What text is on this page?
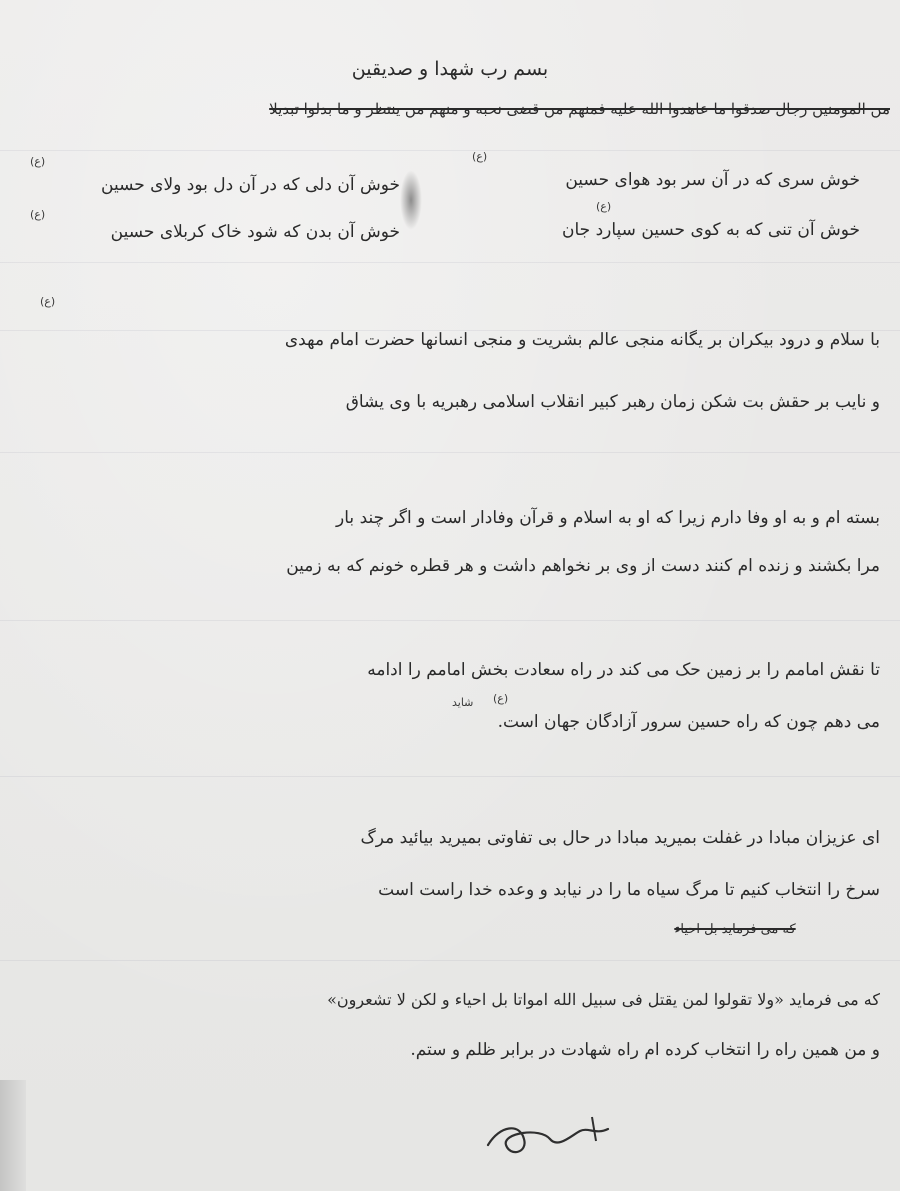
بسم رب شهدا و صدیقین
من المومنین رجال صدقوا ما عاهدوا الله علیه فمنهم من قضی نحبه و منهم من ینتظر و ما بدلوا تبدیلا
خوش سری که در آن سر بود هوای حسین
خوش آن دلی که در آن دل بود ولای حسین
خوش آن تنی که به کوی حسین سپارد جان
خوش آن بدن که شود خاک کربلای حسین
(ع)
(ع)
(ع)
(ع)
(ع)
با سلام و درود بیکران بر یگانه منجی عالم بشریت و منجی انسانها حضرت امام مهدی
و نایب بر حقش بت شکن زمان رهبر کبیر انقلاب اسلامی رهبریه با وی یشاق
بسته ام و به او وفا دارم زیرا که او به اسلام و قرآن وفادار است و اگر چند بار
مرا بکشند و زنده ام کنند دست از وی بر نخواهم داشت و هر قطره خونم که به زمین
تا نقش امامم را بر زمین حک می کند در راه سعادت بخش امامم را ادامه
شاید (ع)
می دهم چون که راه حسین سرور آزادگان جهان است.
ای عزیزان مبادا در غفلت بمیرید مبادا در حال بی تفاوتی بمیرید بیائید مرگ
سرخ را انتخاب کنیم تا مرگ سیاه ما را در نیابد و وعده خدا راست است
که می فرماید بل احیاء
که می فرماید «ولا تقولوا لمن یقتل فی سبیل الله امواتا بل احیاء و لکن لا تشعرون»
و من همین راه را انتخاب کرده ام راه شهادت در برابر ظلم و ستم.
